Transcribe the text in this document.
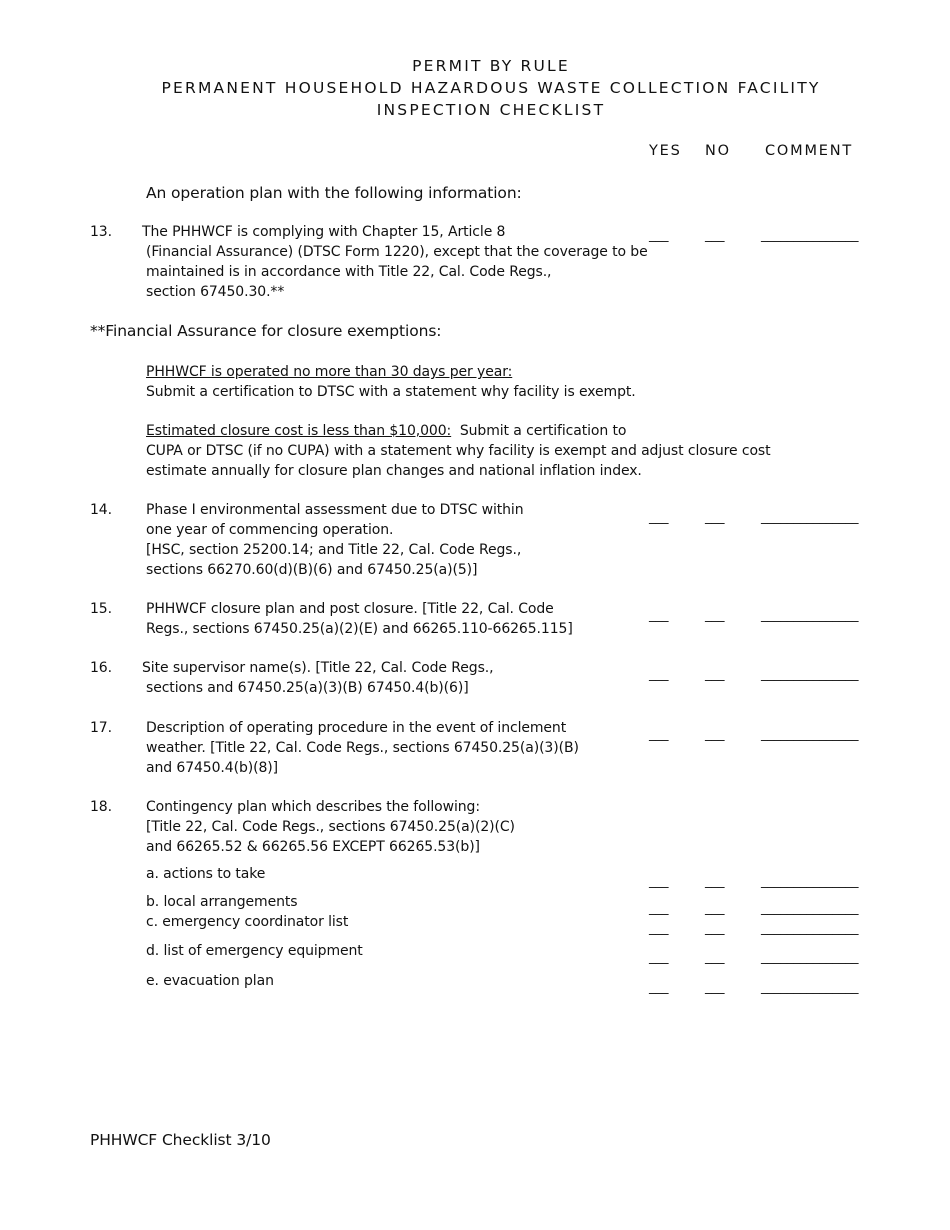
PERMIT BY RULE
PERMANENT HOUSEHOLD HAZARDOUS WASTE COLLECTION FACILITY
INSPECTION CHECKLIST
YES NO COMMENT
An operation plan with the following information:
13. The PHHWCF is complying with Chapter 15, Article 8
(Financial Assurance) (DTSC Form 1220), except that the coverage to be
maintained is in accordance with Title 22, Cal. Code Regs.,
section 67450.30.**
___	___	_______________
**Financial Assurance for closure exemptions:
PHHWCF is operated no more than 30 days per year:
Submit a certification to DTSC with a statement why facility is exempt.
Estimated closure cost is less than $10,000: Submit a certification to
CUPA or DTSC (if no CUPA) with a statement why facility is exempt and adjust closure cost
estimate annually for closure plan changes and national inflation index.
14. Phase I environmental assessment due to DTSC within
one year of commencing operation.
[HSC, section 25200.14; and Title 22, Cal. Code Regs.,
sections 66270.60(d)(B)(6) and 67450.25(a)(5)]
___	___	_______________
15. PHHWCF closure plan and post closure. [Title 22, Cal. Code
Regs., sections 67450.25(a)(2)(E) and 66265.110-66265.115]
___	___	_______________
16. Site supervisor name(s). [Title 22, Cal. Code Regs.,
sections and 67450.25(a)(3)(B) 67450.4(b)(6)]
___	___	_______________
17. Description of operating procedure in the event of inclement
weather. [Title 22, Cal. Code Regs., sections 67450.25(a)(3)(B)
and 67450.4(b)(8)]
___	___	_______________
18. Contingency plan which describes the following:
[Title 22, Cal. Code Regs., sections 67450.25(a)(2)(C)
and 66265.52 & 66265.56 EXCEPT 66265.53(b)]
a. actions to take	___	___	_______________
b. local arrangements	___	___	_______________
c. emergency coordinator list	___	___	_______________
d. list of emergency equipment	___	___	_______________
e. evacuation plan	___	___	_______________
PHHWCF Checklist 3/10
